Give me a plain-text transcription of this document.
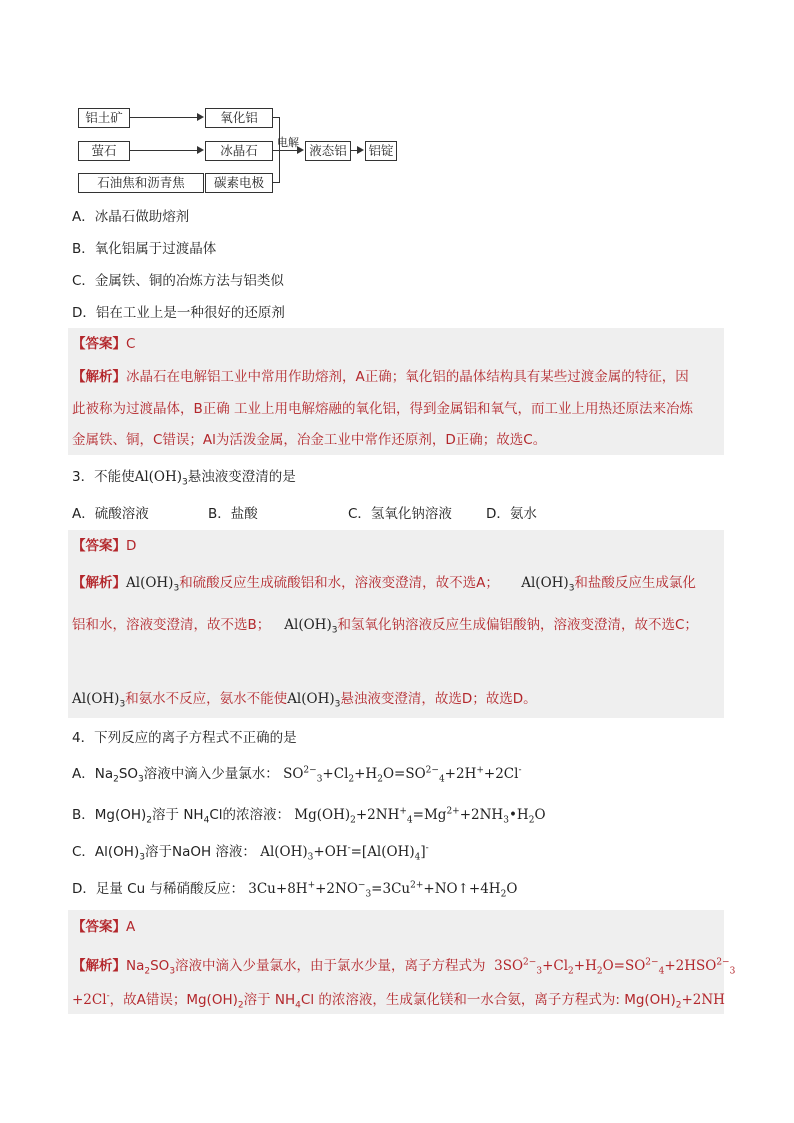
铝土矿
萤石
石油焦和沥青焦
氧化铝
冰晶石
碳素电极
电解
液态铝	铝锭
A．冰晶石做助熔剂
B．氧化铝属于过渡晶体
C．金属铁、铜的冶炼方法与铝类似
D．铝在工业上是一种很好的还原剂
【答案】C
【解析】冰晶石在电解铝工业中常用作助熔剂，A正确；氧化铝的晶体结构具有某些过渡金属的特征，因
此被称为过渡晶体，B正确 工业上用电解熔融的氧化铝，得到金属铝和氧气，而工业上用热还原法来冶炼
金属铁、铜，C错误；Al为活泼金属，冶金工业中常作还原剂，D正确；故选C。
3．不能使$Al(OH)_3$悬浊液变澄清的是
A．硫酸溶液	B．盐酸	C．氢氧化钠溶液	D．氨水
【答案】D
【解析】$Al(OH)_3$和硫酸反应生成硫酸铝和水，溶液变澄清，故不选A； $Al(OH)_3$和盐酸反应生成氯化
铝和水，溶液变澄清，故不选B； $Al(OH)_3$和氢氧化钠溶液反应生成偏铝酸钠，溶液变澄清，故不选C；
$Al(OH)_3$和氨水不反应，氨水不能使$Al(OH)_3$悬浊液变澄清，故选D；故选D。
4．下列反应的离子方程式不正确的是
A．$Na_2SO_3$溶液中滴入少量氯水： $SO^{2-}_3+Cl_2+H_2O=SO^{2-}_4+2H^++2Cl^-$
B．$Mg(OH)_2$溶于 $NH_4Cl$的浓溶液： $Mg(OH)_2+2NH^+_4=Mg^{2+}+2NH_3•H_2O$
C．$Al(OH)_3$溶于NaOH 溶液： $Al(OH)_3+OH^-=[Al(OH)_4]^-$
D．足量 Cu 与稀硝酸反应： $3Cu+8H^++2NO^-_3=3Cu^{2+}+NO↑+4H_2O$
【答案】A
【解析】$Na_2SO_3$溶液中滴入少量氯水，由于氯水少量，离子方程式为  $3SO^{2-}_3+Cl_2+H_2O=SO^{2-}_4+2HSO^{2-}_3$
+2Cl-，故A错误；$Mg(OH)_2$溶于 $NH_4Cl$ 的浓溶液，生成氯化镁和一水合氨，离子方程式为: $Mg(OH)_2+2NH$
